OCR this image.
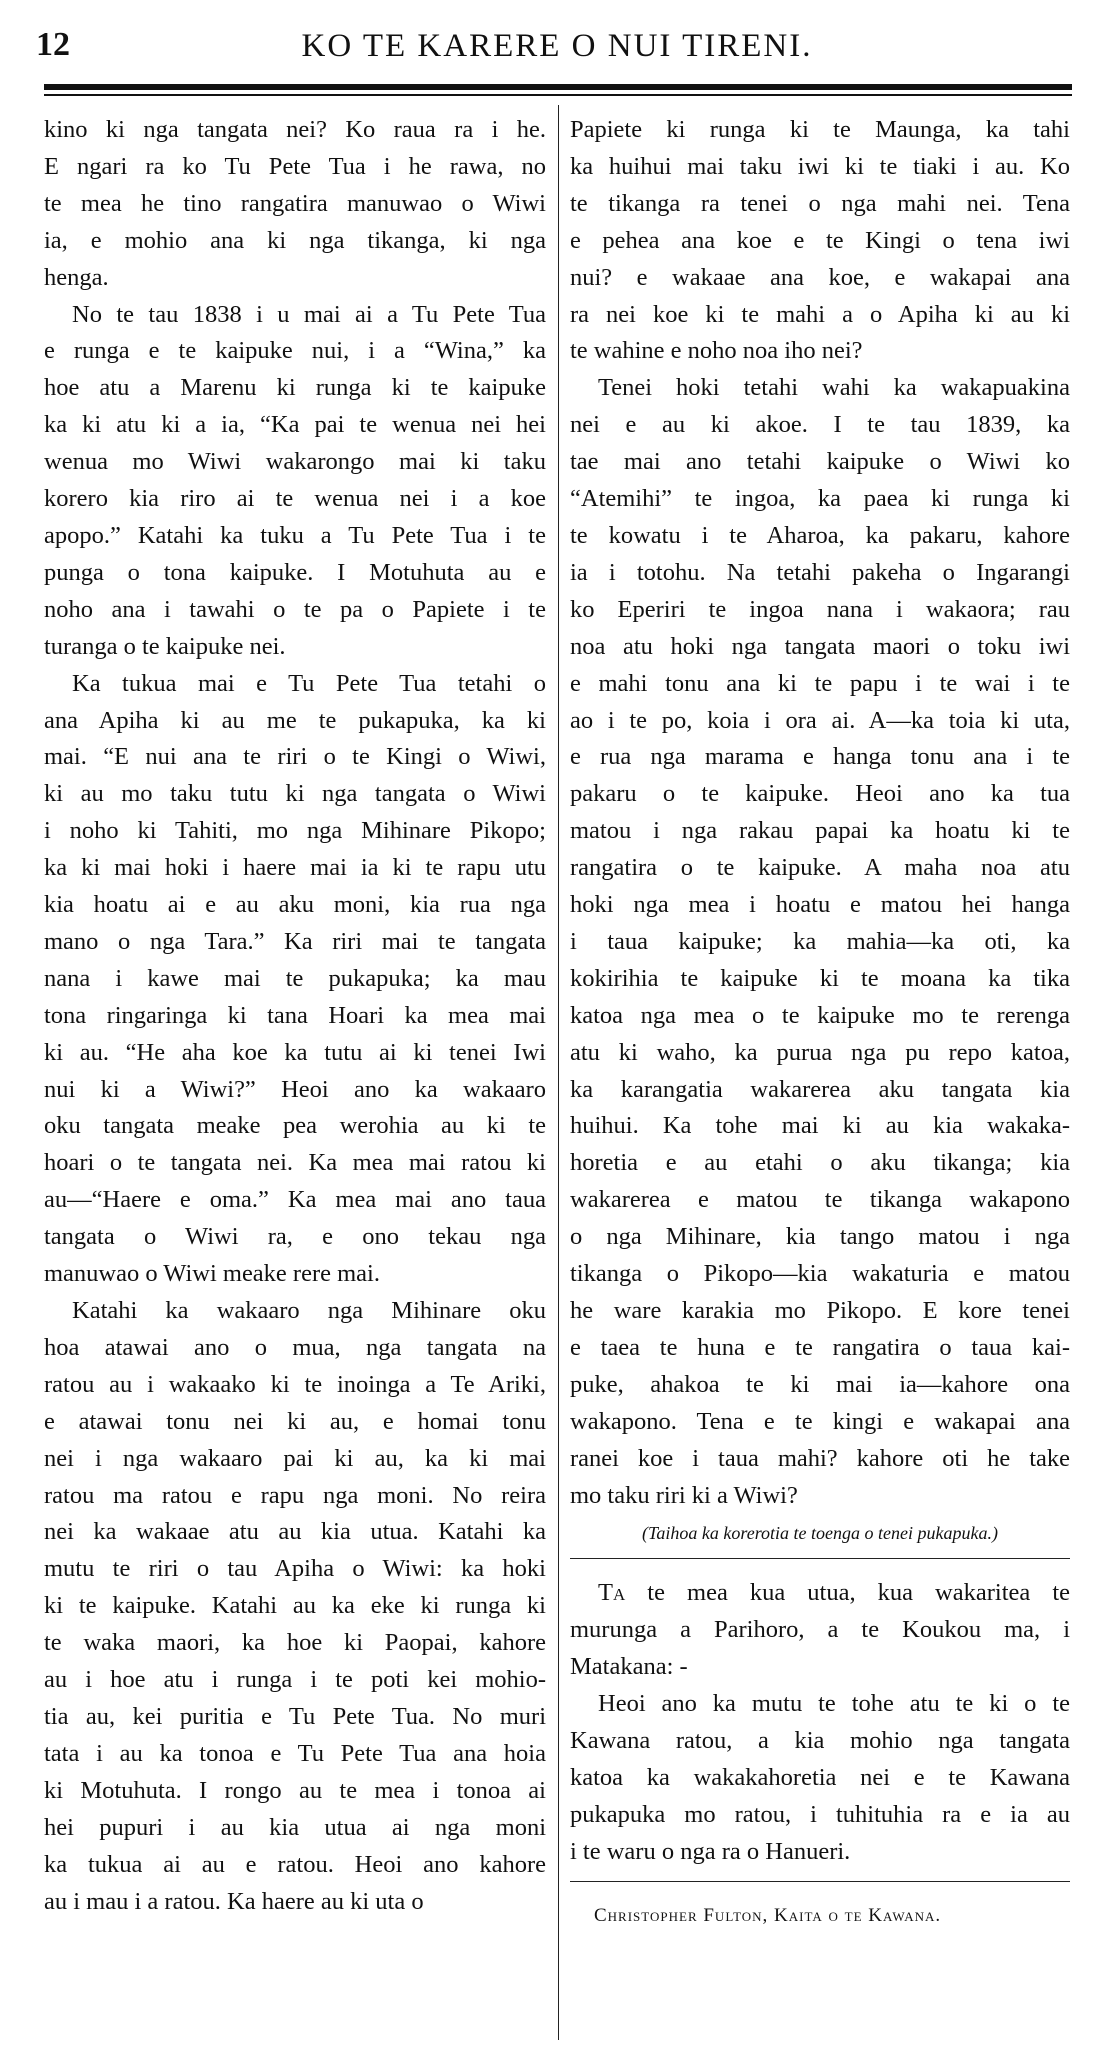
12	KO TE KARERE O NUI TIRENI.
kino ki nga tangata nei? Ko raua ra i he.
E ngari ra ko Tu Pete Tua i he rawa, no
te mea he tino rangatira manuwao o Wiwi
ia, e mohio ana ki nga tikanga, ki nga
henga.
No te tau 1838 i u mai ai a Tu Pete Tua
e runga e te kaipuke nui, i a “Wina,” ka
hoe atu a Marenu ki runga ki te kaipuke
ka ki atu ki a ia, “Ka pai te wenua nei hei
wenua mo Wiwi wakarongo mai ki taku
korero kia riro ai te wenua nei i a koe
apopo.” Katahi ka tuku a Tu Pete Tua i te
punga o tona kaipuke. I Motuhuta au e
noho ana i tawahi o te pa o Papiete i te
turanga o te kaipuke nei.
Ka tukua mai e Tu Pete Tua tetahi o
ana Apiha ki au me te pukapuka, ka ki
mai. “E nui ana te riri o te Kingi o Wiwi,
ki au mo taku tutu ki nga tangata o Wiwi
i noho ki Tahiti, mo nga Mihinare Pikopo;
ka ki mai hoki i haere mai ia ki te rapu utu
kia hoatu ai e au aku moni, kia rua nga
mano o nga Tara.” Ka riri mai te tangata
nana i kawe mai te pukapuka; ka mau
tona ringaringa ki tana Hoari ka mea mai
ki au. “He aha koe ka tutu ai ki tenei Iwi
nui ki a Wiwi?” Heoi ano ka wakaaro
oku tangata meake pea werohia au ki te
hoari o te tangata nei. Ka mea mai ratou ki
au—“Haere e oma.” Ka mea mai ano taua
tangata o Wiwi ra, e ono tekau nga
manuwao o Wiwi meake rere mai.
Katahi ka wakaaro nga Mihinare oku
hoa atawai ano o mua, nga tangata na
ratou au i wakaako ki te inoinga a Te Ariki,
e atawai tonu nei ki au, e homai tonu
nei i nga wakaaro pai ki au, ka ki mai
ratou ma ratou e rapu nga moni. No reira
nei ka wakaae atu au kia utua. Katahi ka
mutu te riri o tau Apiha o Wiwi: ka hoki
ki te kaipuke. Katahi au ka eke ki runga ki
te waka maori, ka hoe ki Paopai, kahore
au i hoe atu i runga i te poti kei mohio-
tia au, kei puritia e Tu Pete Tua. No muri
tata i au ka tonoa e Tu Pete Tua ana hoia
ki Motuhuta. I rongo au te mea i tonoa ai
hei pupuri i au kia utua ai nga moni
ka tukua ai au e ratou. Heoi ano kahore
au i mau i a ratou. Ka haere au ki uta o
Papiete ki runga ki te Maunga, ka tahi
ka huihui mai taku iwi ki te tiaki i au. Ko
te tikanga ra tenei o nga mahi nei. Tena
e pehea ana koe e te Kingi o tena iwi
nui? e wakaae ana koe, e wakapai ana
ra nei koe ki te mahi a o Apiha ki au ki
te wahine e noho noa iho nei?
Tenei hoki tetahi wahi ka wakapuakina
nei e au ki akoe. I te tau 1839, ka
tae mai ano tetahi kaipuke o Wiwi ko
“Atemihi” te ingoa, ka paea ki runga ki
te kowatu i te Aharoa, ka pakaru, kahore
ia i totohu. Na tetahi pakeha o Ingarangi
ko Eperiri te ingoa nana i wakaora; rau
noa atu hoki nga tangata maori o toku iwi
e mahi tonu ana ki te papu i te wai i te
ao i te po, koia i ora ai. A—ka toia ki uta,
e rua nga marama e hanga tonu ana i te
pakaru o te kaipuke. Heoi ano ka tua
matou i nga rakau papai ka hoatu ki te
rangatira o te kaipuke. A maha noa atu
hoki nga mea i hoatu e matou hei hanga
i taua kaipuke; ka mahia—ka oti, ka
kokirihia te kaipuke ki te moana ka tika
katoa nga mea o te kaipuke mo te rerenga
atu ki waho, ka purua nga pu repo katoa,
ka karangatia wakarerea aku tangata kia
huihui. Ka tohe mai ki au kia wakaka-
horetia e au etahi o aku tikanga; kia
wakarerea e matou te tikanga wakapono
o nga Mihinare, kia tango matou i nga
tikanga o Pikopo—kia wakaturia e matou
he ware karakia mo Pikopo. E kore tenei
e taea te huna e te rangatira o taua kai-
puke, ahakoa te ki mai ia—kahore ona
wakapono. Tena e te kingi e wakapai ana
ranei koe i taua mahi? kahore oti he take
mo taku riri ki a Wiwi?
(Taihoa ka korerotia te toenga o tenei pukapuka.)
Ta te mea kua utua, kua wakaritea te
murunga a Parihoro, a te Koukou ma, i
Matakana: -
Heoi ano ka mutu te tohe atu te ki o te
Kawana ratou, a kia mohio nga tangata
katoa ka wakakahoretia nei e te Kawana
pukapuka mo ratou, i tuhituhia ra e ia au
i te waru o nga ra o Hanueri.
Christopher Fulton, Kaita o te Kawana.
